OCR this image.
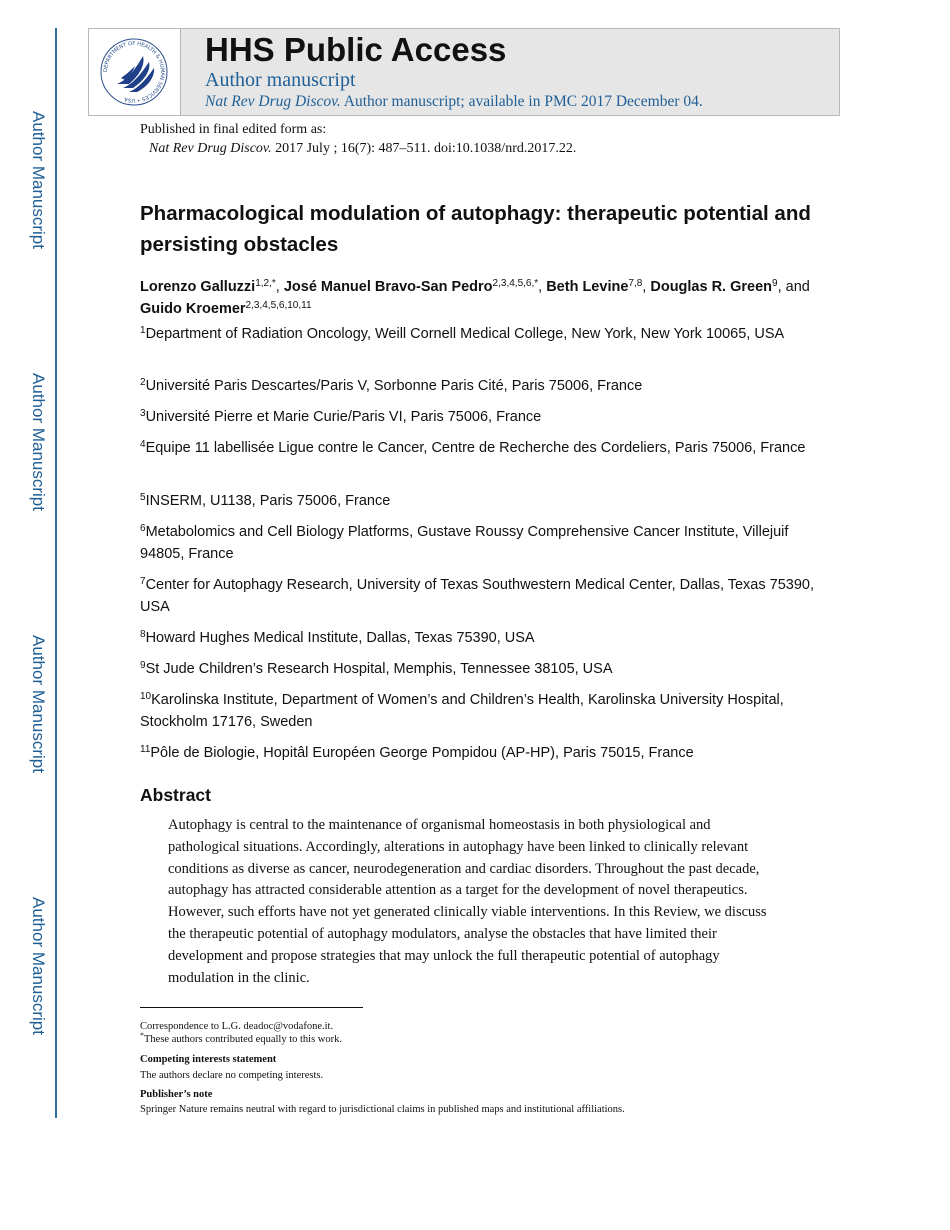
Author Manuscript
Author Manuscript
Author Manuscript
Author Manuscript
DEPARTMENT OF HEALTH & HUMAN SERVICES • USA
HHS Public Access
Author manuscript
Nat Rev Drug Discov. Author manuscript; available in PMC 2017 December 04.
Published in final edited form as:
Nat Rev Drug Discov. 2017 July ; 16(7): 487–511. doi:10.1038/nrd.2017.22.
Pharmacological modulation of autophagy: therapeutic potential and persisting obstacles
Lorenzo Galluzzi$^{1,2,*}$, José Manuel Bravo-San Pedro$^{2,3,4,5,6,*}$, Beth Levine$^{7,8}$, Douglas R. Green$^9$, and Guido Kroemer$^{2,3,4,5,6,10,11}$
$^1$Department of Radiation Oncology, Weill Cornell Medical College, New York, New York 10065, USA
$^2$Université Paris Descartes/Paris V, Sorbonne Paris Cité, Paris 75006, France
$^3$Université Pierre et Marie Curie/Paris VI, Paris 75006, France
$^4$Equipe 11 labellisée Ligue contre le Cancer, Centre de Recherche des Cordeliers, Paris 75006, France
$^5$INSERM, U1138, Paris 75006, France
$^6$Metabolomics and Cell Biology Platforms, Gustave Roussy Comprehensive Cancer Institute, Villejuif 94805, France
$^7$Center for Autophagy Research, University of Texas Southwestern Medical Center, Dallas, Texas 75390, USA
$^8$Howard Hughes Medical Institute, Dallas, Texas 75390, USA
$^9$St Jude Children’s Research Hospital, Memphis, Tennessee 38105, USA
$^{10}$Karolinska Institute, Department of Women’s and Children’s Health, Karolinska University Hospital, Stockholm 17176, Sweden
$^{11}$Pôle de Biologie, Hopitâl Européen George Pompidou (AP-HP), Paris 75015, France
Abstract
Autophagy is central to the maintenance of organismal homeostasis in both physiological and pathological situations. Accordingly, alterations in autophagy have been linked to clinically relevant conditions as diverse as cancer, neurodegeneration and cardiac disorders. Throughout the past decade, autophagy has attracted considerable attention as a target for the development of novel therapeutics. However, such efforts have not yet generated clinically viable interventions. In this Review, we discuss the therapeutic potential of autophagy modulators, analyse the obstacles that have limited their development and propose strategies that may unlock the full therapeutic potential of autophagy modulation in the clinic.
Correspondence to L.G. deadoc@vodafone.it.
*These authors contributed equally to this work.
Competing interests statement
The authors declare no competing interests.
Publisher’s note
Springer Nature remains neutral with regard to jurisdictional claims in published maps and institutional affiliations.
